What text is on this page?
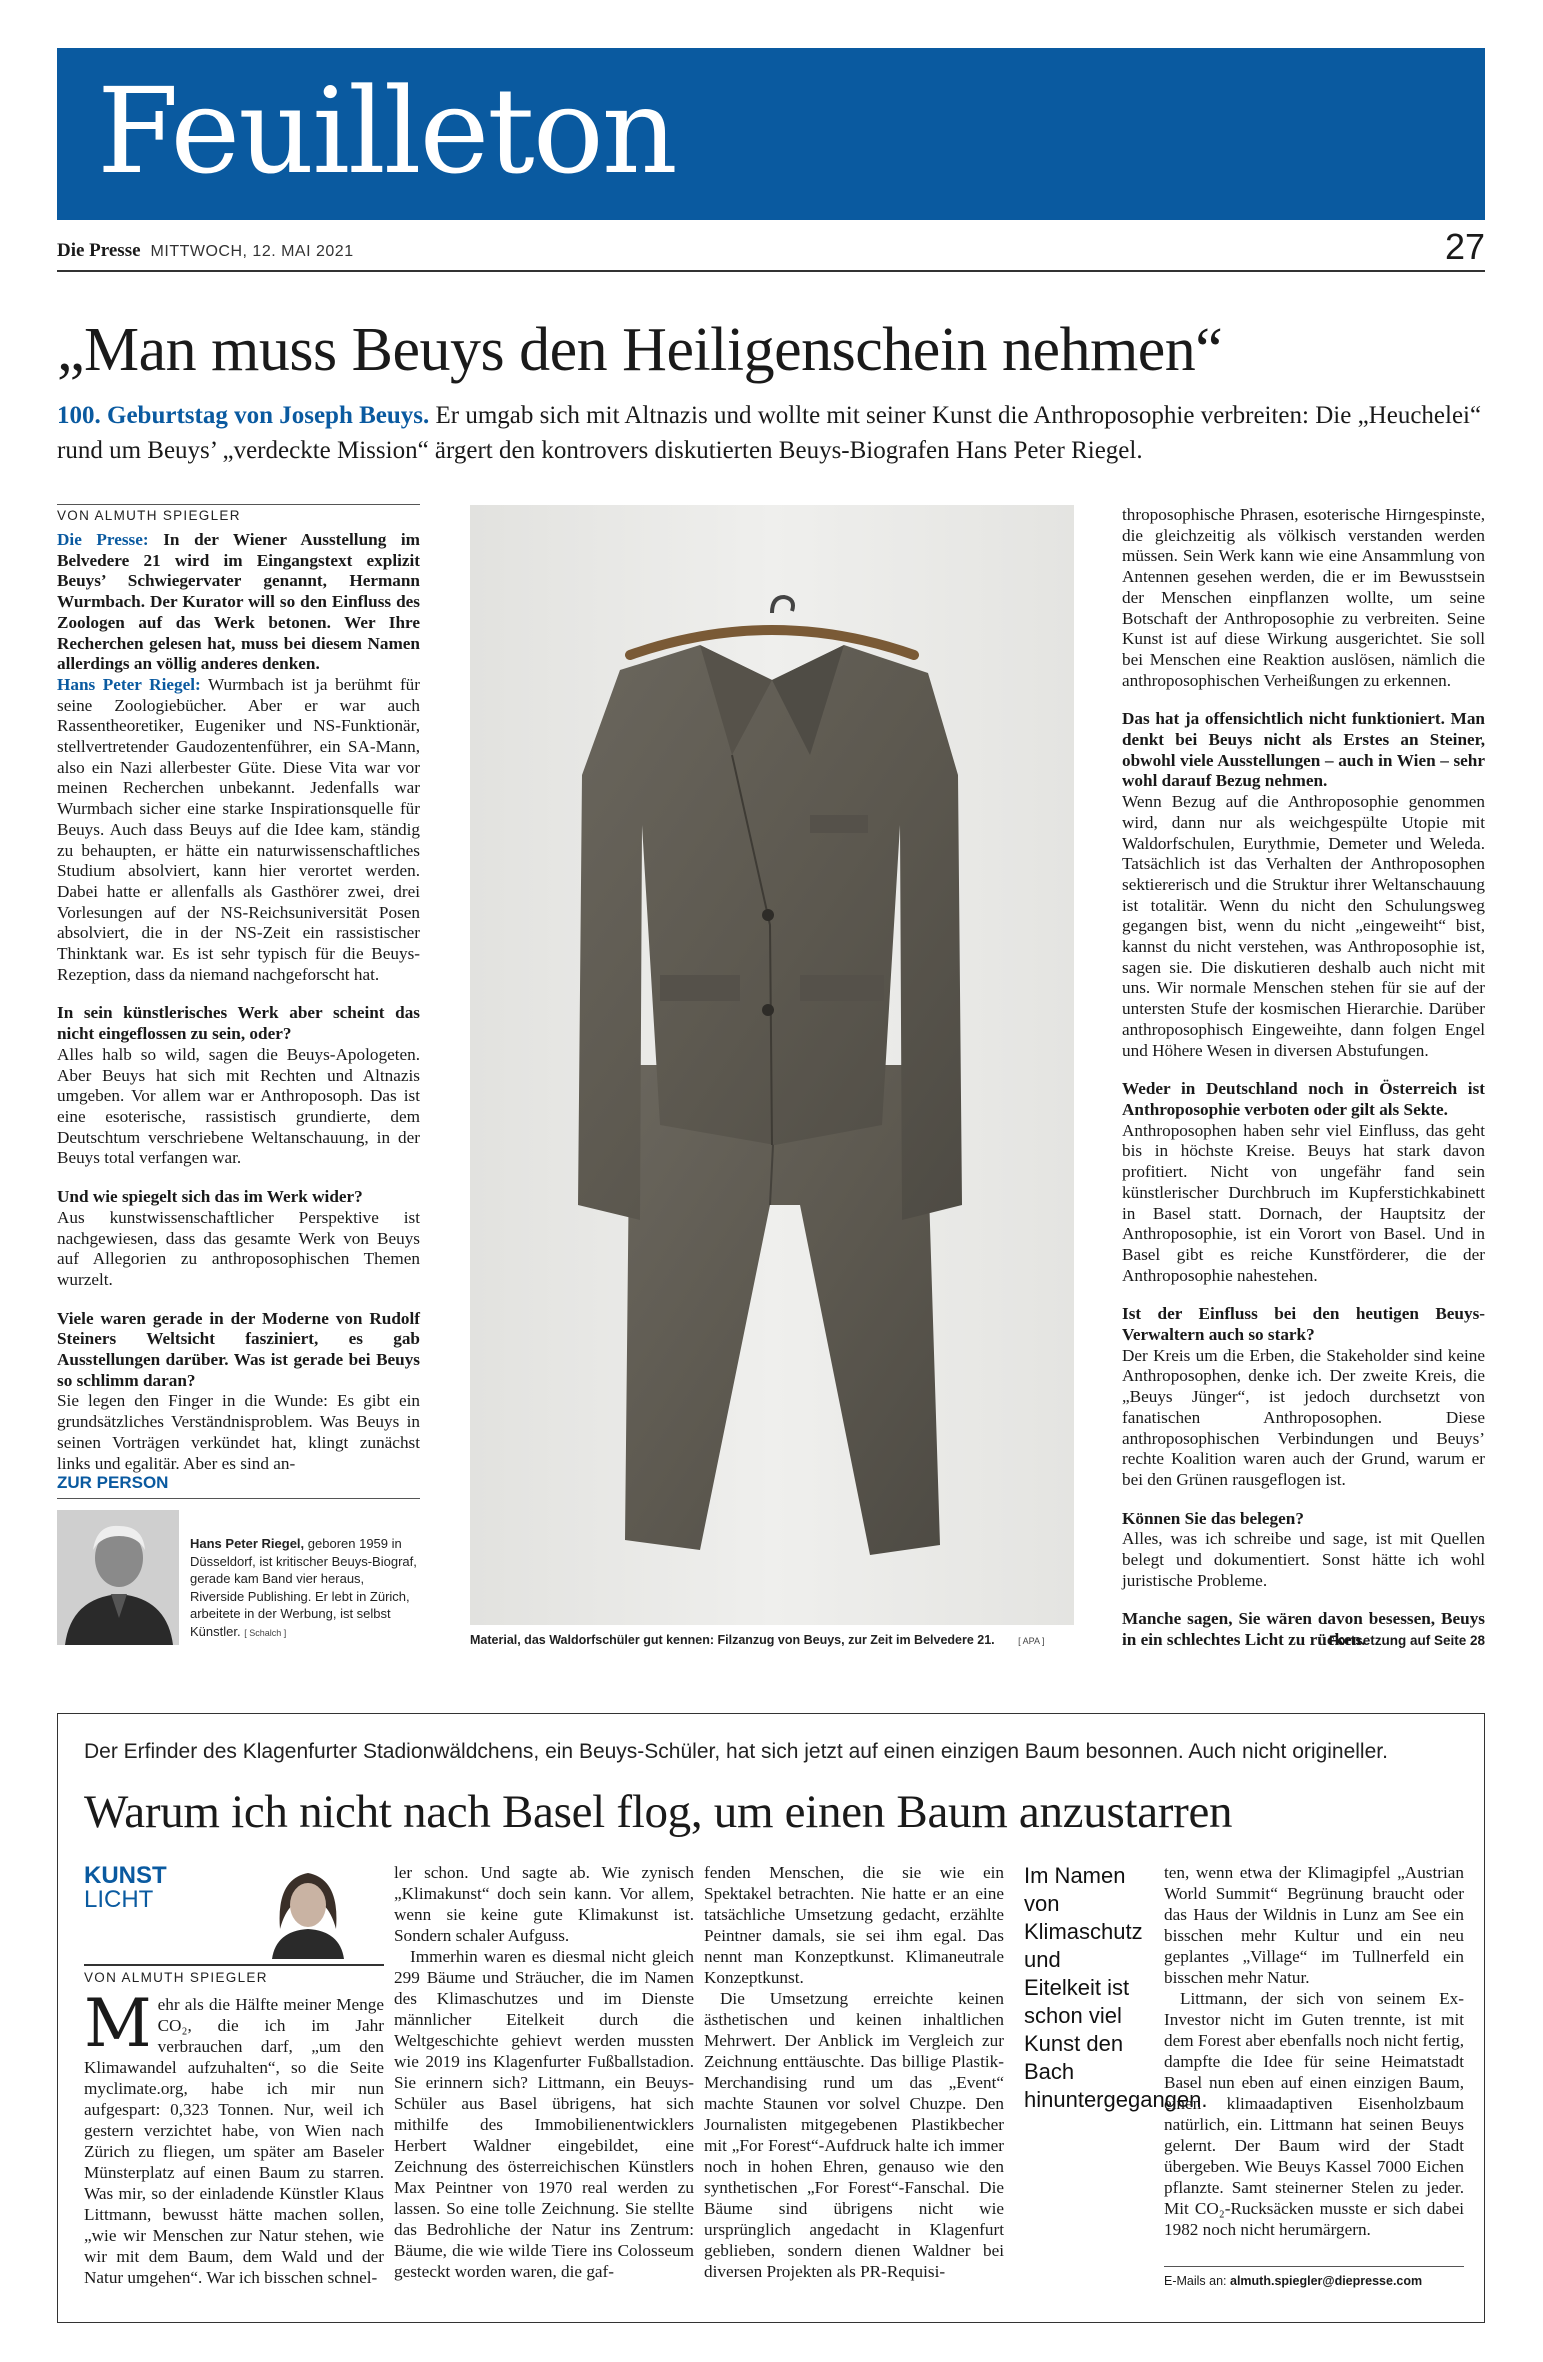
Feuilleton
Die Presse MITTWOCH, 12. MAI 2021	27
„Man muss Beuys den Heiligenschein nehmen“
100. Geburtstag von Joseph Beuys. Er umgab sich mit Altnazis und wollte mit seiner Kunst die Anthroposophie verbreiten: Die „Heuchelei“ rund um Beuys’ „verdeckte Mission“ ärgert den kontrovers diskutierten Beuys-Biografen Hans Peter Riegel.
VON ALMUTH SPIEGLER

Die Presse: In der Wiener Ausstellung im Belvedere 21 wird im Eingangstext explizit Beuys’ Schwiegervater genannt, Hermann Wurmbach. Der Kurator will so den Einfluss des Zoologen auf das Werk betonen. Wer Ihre Recherchen gelesen hat, muss bei diesem Namen allerdings an völlig anderes denken.

Hans Peter Riegel: Wurmbach ist ja berühmt für seine Zoologiebücher. Aber er war auch Rassentheoretiker, Eugeniker und NS-Funktionär, stellvertretender Gaudozentenführer, ein SA-Mann, also ein Nazi allerbester Güte. Diese Vita war vor meinen Recherchen unbekannt. Jedenfalls war Wurmbach sicher eine starke Inspirationsquelle für Beuys. Auch dass Beuys auf die Idee kam, ständig zu behaupten, er hätte ein naturwissenschaftliches Studium absolviert, kann hier verortet werden. Dabei hatte er allenfalls als Gasthörer zwei, drei Vorlesungen auf der NS-Reichsuniversität Posen absolviert, die in der NS-Zeit ein rassistischer Thinktank war. Es ist sehr typisch für die Beuys-Rezeption, dass da niemand nachgeforscht hat.

In sein künstlerisches Werk aber scheint das nicht eingeflossen zu sein, oder?

Alles halb so wild, sagen die Beuys-Apologeten. Aber Beuys hat sich mit Rechten und Altnazis umgeben. Vor allem war er Anthroposoph. Das ist eine esoterische, rassistisch grundierte, dem Deutschtum verschriebene Weltanschauung, in der Beuys total verfangen war.

Und wie spiegelt sich das im Werk wider?

Aus kunstwissenschaftlicher Perspektive ist nachgewiesen, dass das gesamte Werk von Beuys auf Allegorien zu anthroposophischen Themen wurzelt.

Viele waren gerade in der Moderne von Rudolf Steiners Weltsicht fasziniert, es gab Ausstellungen darüber. Was ist gerade bei Beuys so schlimm daran?

Sie legen den Finger in die Wunde: Es gibt ein grundsätzliches Verständnisproblem. Was Beuys in seinen Vorträgen verkündet hat, klingt zunächst links und egalitär. Aber es sind an-

ZUR PERSON
Hans Peter Riegel, geboren 1959 in Düsseldorf, ist kritischer Beuys-Biograf, gerade kam Band vier heraus, Riverside Publishing. Er lebt in Zürich, arbeitete in der Werbung, ist selbst Künstler. [ Schalch ]
Material, das Waldorfschüler gut kennen: Filzanzug von Beuys, zur Zeit im Belvedere 21.	[ APA ]

throposophische Phrasen, esoterische Hirngespinste, die gleichzeitig als völkisch verstanden werden müssen. Sein Werk kann wie eine Ansammlung von Antennen gesehen werden, die er im Bewusstsein der Menschen einpflanzen wollte, um seine Botschaft der Anthroposophie zu verbreiten. Seine Kunst ist auf diese Wirkung ausgerichtet. Sie soll bei Menschen eine Reaktion auslösen, nämlich die anthroposophischen Verheißungen zu erkennen.

Das hat ja offensichtlich nicht funktioniert. Man denkt bei Beuys nicht als Erstes an Steiner, obwohl viele Ausstellungen – auch in Wien – sehr wohl darauf Bezug nehmen.

Wenn Bezug auf die Anthroposophie genommen wird, dann nur als weichgespülte Utopie mit Waldorfschulen, Eurythmie, Demeter und Weleda. Tatsächlich ist das Verhalten der Anthroposophen sektiererisch und die Struktur ihrer Weltanschauung ist totalitär. Wenn du nicht den Schulungsweg gegangen bist, wenn du nicht „eingeweiht“ bist, kannst du nicht verstehen, was Anthroposophie ist, sagen sie. Die diskutieren deshalb auch nicht mit uns. Wir normale Menschen stehen für sie auf der untersten Stufe der kosmischen Hierarchie. Darüber anthroposophisch Eingeweihte, dann folgen Engel und Höhere Wesen in diversen Abstufungen.

Weder in Deutschland noch in Österreich ist Anthroposophie verboten oder gilt als Sekte.

Anthroposophen haben sehr viel Einfluss, das geht bis in höchste Kreise. Beuys hat stark davon profitiert. Nicht von ungefähr fand sein künstlerischer Durchbruch im Kupferstichkabinett in Basel statt. Dornach, der Hauptsitz der Anthroposophie, ist ein Vorort von Basel. Und in Basel gibt es reiche Kunstförderer, die der Anthroposophie nahestehen.

Ist der Einfluss bei den heutigen Beuys-Verwaltern auch so stark?

Der Kreis um die Erben, die Stakeholder sind keine Anthroposophen, denke ich. Der zweite Kreis, die „Beuys Jünger“, ist jedoch durchsetzt von fanatischen Anthroposophen. Diese anthroposophischen Verbindungen und Beuys’ rechte Koalition waren auch der Grund, warum er bei den Grünen rausgeflogen ist.

Können Sie das belegen?

Alles, was ich schreibe und sage, ist mit Quellen belegt und dokumentiert. Sonst hätte ich wohl juristische Probleme.

Manche sagen, Sie wären davon besessen, Beuys in ein schlechtes Licht zu rücken.

Fortsetzung auf Seite 28
Der Erfinder des Klagenfurter Stadionwäldchens, ein Beuys-Schüler, hat sich jetzt auf einen einzigen Baum besonnen. Auch nicht origineller.
Warum ich nicht nach Basel flog, um einen Baum anzustarren
KUNST
LICHT
VON ALMUTH SPIEGLER

Mehr als die Hälfte meiner Menge CO₂, die ich im Jahr verbrauchen darf, „um den Klimawandel aufzuhalten“, so die Seite myclimate.org, habe ich mir nun aufgespart: 0,323 Tonnen. Nur, weil ich gestern verzichtet habe, von Wien nach Zürich zu fliegen, um später am Baseler Münsterplatz auf einen Baum zu starren. Was mir, so der einladende Künstler Klaus Littmann, bewusst hätte machen sollen, „wie wir Menschen zur Natur stehen, wie wir mit dem Baum, dem Wald und der Natur umgehen“. War ich bisschen schnel-

ler schon. Und sagte ab. Wie zynisch „Klimakunst“ doch sein kann. Vor allem, wenn sie keine gute Klimakunst ist. Sondern schaler Aufguss.

Immerhin waren es diesmal nicht gleich 299 Bäume und Sträucher, die im Namen des Klimaschutzes und im Dienste männlicher Eitelkeit durch die Weltgeschichte gehievt werden mussten wie 2019 ins Klagenfurter Fußballstadion. Sie erinnern sich? Littmann, ein Beuys-Schüler aus Basel übrigens, hat sich mithilfe des Immobilienentwicklers Herbert Waldner eingebildet, eine Zeichnung des österreichischen Künstlers Max Peintner von 1970 real werden zu lassen. So eine tolle Zeichnung. Sie stellte das Bedrohliche der Natur ins Zentrum: Bäume, die wie wilde Tiere ins Colosseum gesteckt worden waren, die gaf-

fenden Menschen, die sie wie ein Spektakel betrachten. Nie hatte er an eine tatsächliche Umsetzung gedacht, erzählte Peintner damals, sie sei ihm egal. Das nennt man Konzeptkunst. Klimaneutrale Konzeptkunst.

Die Umsetzung erreichte keinen ästhetischen und keinen inhaltlichen Mehrwert. Der Anblick im Vergleich zur Zeichnung enttäuschte. Das billige Plastik-Merchandising rund um das „Event“ machte Staunen vor solvel Chuzpe. Den Journalisten mitgegebenen Plastikbecher mit „For Forest“-Aufdruck halte ich immer noch in hohen Ehren, genauso wie den synthetischen „For Forest“-Fanschal. Die Bäume sind übrigens nicht wie ursprünglich angedacht in Klagenfurt geblieben, sondern dienen Waldner bei diversen Projekten als PR-Requisi-

Im Namen von Klimaschutz und Eitelkeit ist schon viel Kunst den Bach hinuntergegangen.

ten, wenn etwa der Klimagipfel „Austrian World Summit“ Begrünung braucht oder das Haus der Wildnis in Lunz am See ein bisschen mehr Kultur und ein neu geplantes „Village“ im Tullnerfeld ein bisschen mehr Natur.

Littmann, der sich von seinem Ex-Investor nicht im Guten trennte, ist mit dem Forest aber ebenfalls noch nicht fertig, dampfte die Idee für seine Heimatstadt Basel nun eben auf einen einzigen Baum, einen klimaadaptiven Eisenholzbaum natürlich, ein. Littmann hat seinen Beuys gelernt. Der Baum wird der Stadt übergeben. Wie Beuys Kassel 7000 Eichen pflanzte. Samt steinerner Stelen zu jeder. Mit CO₂-Rucksäcken musste er sich dabei 1982 noch nicht herumärgern.

E-Mails an: almuth.spiegler@diepresse.com
